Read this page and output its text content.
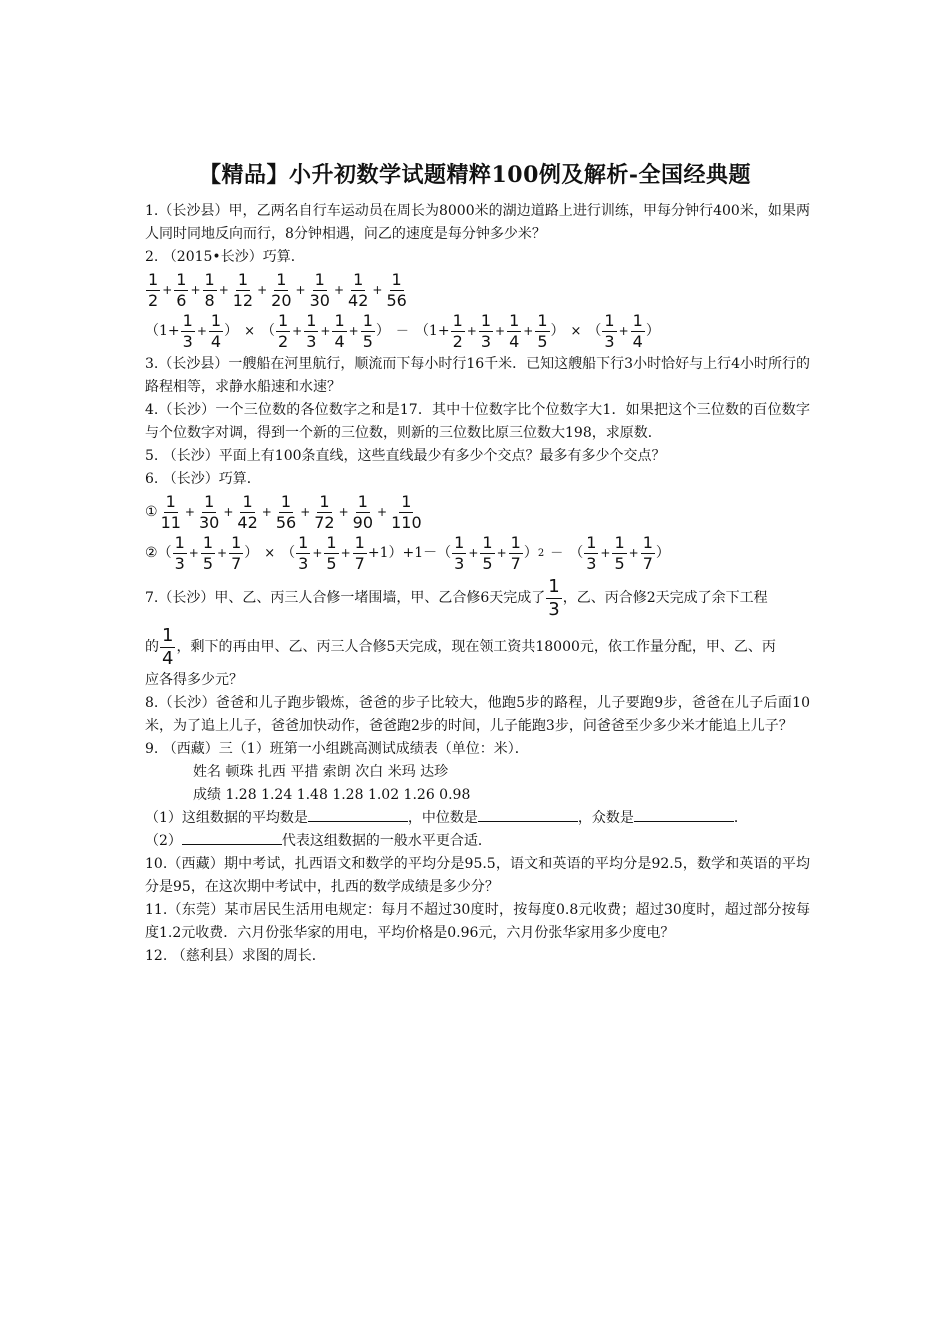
【精品】小升初数学试题精粹100例及解析-全国经典题

1.（长沙县）甲，乙两名自行车运动员在周长为8000米的湖边道路上进行训练，甲每分钟行400米，如果两人同时同地反向而行，8分钟相遇，问乙的速度是每分钟多少米？

2. （2015•长沙）巧算．

$\frac{1}{2} + \frac{1}{6} + \frac{1}{8} + \frac{1}{12} + \frac{1}{20} + \frac{1}{30} + \frac{1}{42} + \frac{1}{56}$
（$1+ \frac{1}{3} + \frac{1}{4}$ ） × （ $\frac{1}{2} + \frac{1}{3} + \frac{1}{4} + \frac{1}{5}$ ） － （$1+ \frac{1}{2} + \frac{1}{3} + \frac{1}{4} + \frac{1}{5}$ ） × （ $\frac{1}{3} + \frac{1}{4}$ ）

3.（长沙县）一艘船在河里航行，顺流而下每小时行16千米．已知这艘船下行3小时恰好与上行4小时所行的路程相等，求静水船速和水速？

4.（长沙）一个三位数的各位数字之和是17．其中十位数字比个位数字大1．如果把这个三位数的百位数字与个位数字对调，得到一个新的三位数，则新的三位数比原三位数大198，求原数．

5. （长沙）平面上有100条直线，这些直线最少有多少个交点？最多有多少个交点？

6. （长沙）巧算．

① $\frac{1}{11} + \frac{1}{30} + \frac{1}{42} + \frac{1}{56} + \frac{1}{72} + \frac{1}{90} + \frac{1}{110}$
② （ $\frac{1}{3} + \frac{1}{5} + \frac{1}{7}$ ） × （ $\frac{1}{3} + \frac{1}{5} + \frac{1}{7} +1) +1-$ （ $\frac{1}{3} + \frac{1}{5} + \frac{1}{7}$ ） 2 － （ $\frac{1}{3} + \frac{1}{5} + \frac{1}{7}$ ）
7.（长沙）甲、乙、丙三人合修一堵围墙，甲、乙合修6天完成了 $\frac{1}{3}$ ，乙、丙合修2天完成了余下工程
的 $\frac{1}{4}$ ，剩下的再由甲、乙、丙三人合修5天完成，现在领工资共18000元，依工作量分配，甲、乙、丙

应各得多少元？

8.（长沙）爸爸和儿子跑步锻炼，爸爸的步子比较大，他跑5步的路程，儿子要跑9步，爸爸在儿子后面10米，为了追上儿子，爸爸加快动作，爸爸跑2步的时间，儿子能跑3步，问爸爸至少多少米才能追上儿子？

9. （西藏）三（1）班第一小组跳高测试成绩表（单位：米）．

姓名 顿珠 扎西 平措 索朗 次白 米玛 达珍

成绩 1.28 1.24 1.48 1.28 1.02 1.26 0.98

（1）这组数据的平均数是	，中位数是	，众数是	．

（2）	代表这组数据的一般水平更合适．

10.（西藏）期中考试，扎西语文和数学的平均分是95.5，语文和英语的平均分是92.5，数学和英语的平均分是95，在这次期中考试中，扎西的数学成绩是多少分？

11.（东莞）某市居民生活用电规定：每月不超过30度时，按每度0.8元收费；超过30度时，超过部分按每度1.2元收费．六月份张华家的用电，平均价格是0.96元，六月份张华家用多少度电？

12. （慈利县）求图的周长．
